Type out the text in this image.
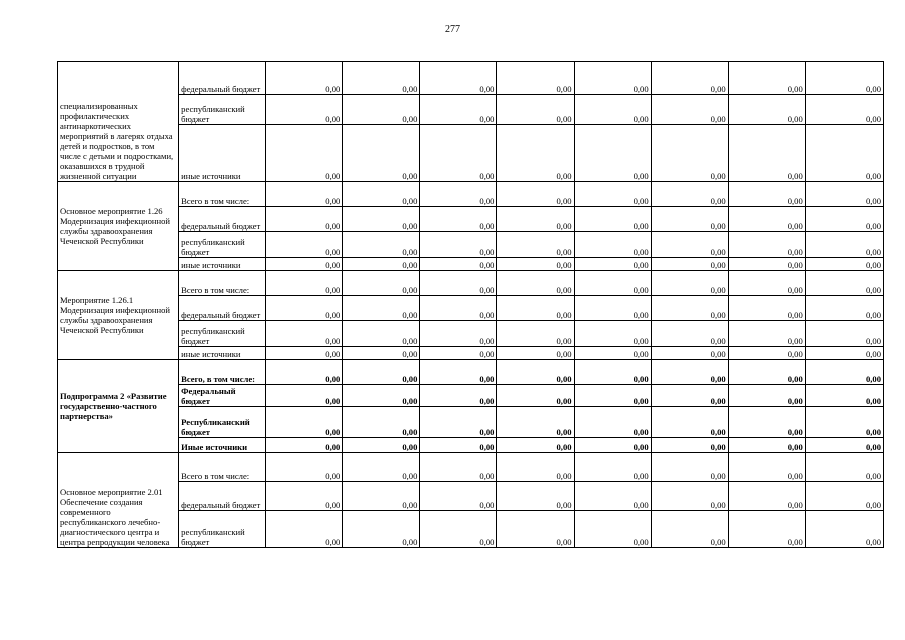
277
специализированных профилактических антинаркотических мероприятий в лагерях отдыха детей и подростков, в том числе с детьми и подростками, оказавшихся в трудной жизненной ситуации	федеральный бюджет	0,00	0,00	0,00	0,00	0,00	0,00	0,00	0,00
	республиканский бюджет	0,00	0,00	0,00	0,00	0,00	0,00	0,00	0,00
	иные источники	0,00	0,00	0,00	0,00	0,00	0,00	0,00	0,00
Основное мероприятие 1.26 Модернизация инфекционной службы здравоохранения Чеченской Республики	Всего в том числе:	0,00	0,00	0,00	0,00	0,00	0,00	0,00	0,00
	федеральный бюджет	0,00	0,00	0,00	0,00	0,00	0,00	0,00	0,00
	республиканский бюджет	0,00	0,00	0,00	0,00	0,00	0,00	0,00	0,00
	иные источники	0,00	0,00	0,00	0,00	0,00	0,00	0,00	0,00
Мероприятие 1.26.1 Модернизация инфекционной службы здравоохранения Чеченской Республики	Всего в том числе:	0,00	0,00	0,00	0,00	0,00	0,00	0,00	0,00
	федеральный бюджет	0,00	0,00	0,00	0,00	0,00	0,00	0,00	0,00
	республиканский бюджет	0,00	0,00	0,00	0,00	0,00	0,00	0,00	0,00
	иные источники	0,00	0,00	0,00	0,00	0,00	0,00	0,00	0,00
Подпрограмма 2 «Развитие государственно-частного партнерства»	Всего, в том числе:	0,00	0,00	0,00	0,00	0,00	0,00	0,00	0,00
	Федеральный бюджет	0,00	0,00	0,00	0,00	0,00	0,00	0,00	0,00
	Республиканский бюджет	0,00	0,00	0,00	0,00	0,00	0,00	0,00	0,00
	Иные источники	0,00	0,00	0,00	0,00	0,00	0,00	0,00	0,00
Основное мероприятие 2.01 Обеспечение создания современного республиканского лечебно-диагностического центра и центра репродукции человека	Всего в том числе:	0,00	0,00	0,00	0,00	0,00	0,00	0,00	0,00
	федеральный бюджет	0,00	0,00	0,00	0,00	0,00	0,00	0,00	0,00
	республиканский бюджет	0,00	0,00	0,00	0,00	0,00	0,00	0,00	0,00
